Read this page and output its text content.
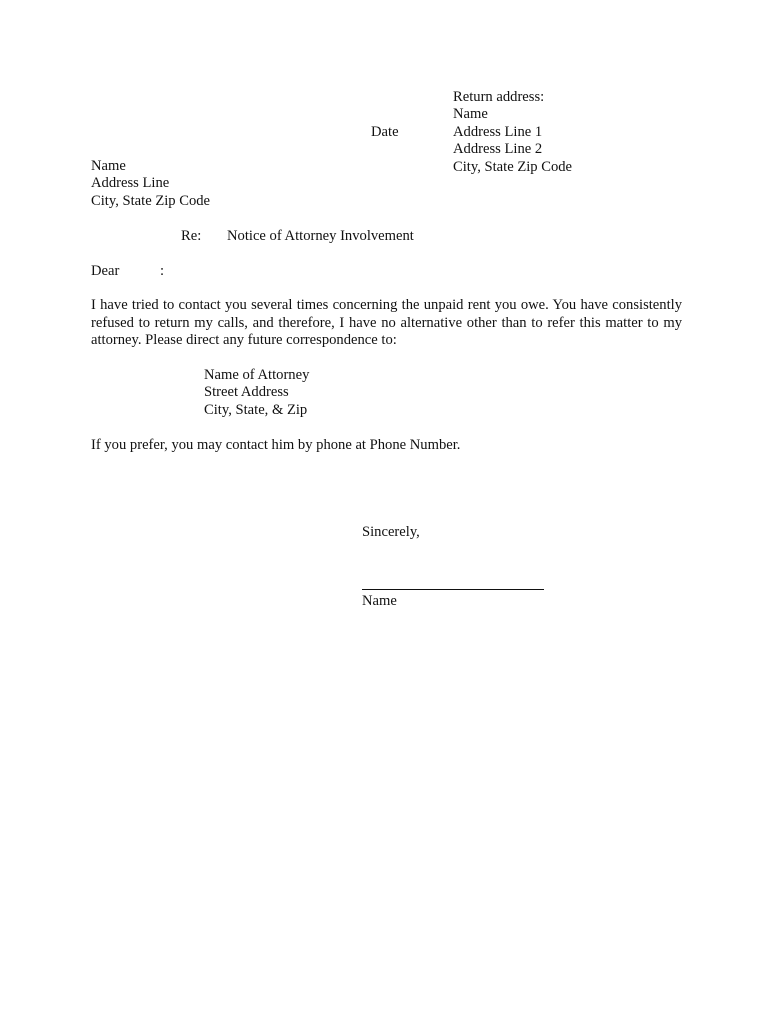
Return address:
Name
Address Line 1
Address Line 2
City, State Zip Code
Date
Name
Address Line
City, State Zip Code
Re: Notice of Attorney Involvement
Dear	:
I have tried to contact you several times concerning the unpaid rent you owe. You have consistently refused to return my calls, and therefore, I have no alternative other than to refer this matter to my attorney. Please direct any future correspondence to:
Name of Attorney
Street Address
City, State, & Zip
If you prefer, you may contact him by phone at Phone Number.
Sincerely,
Name
